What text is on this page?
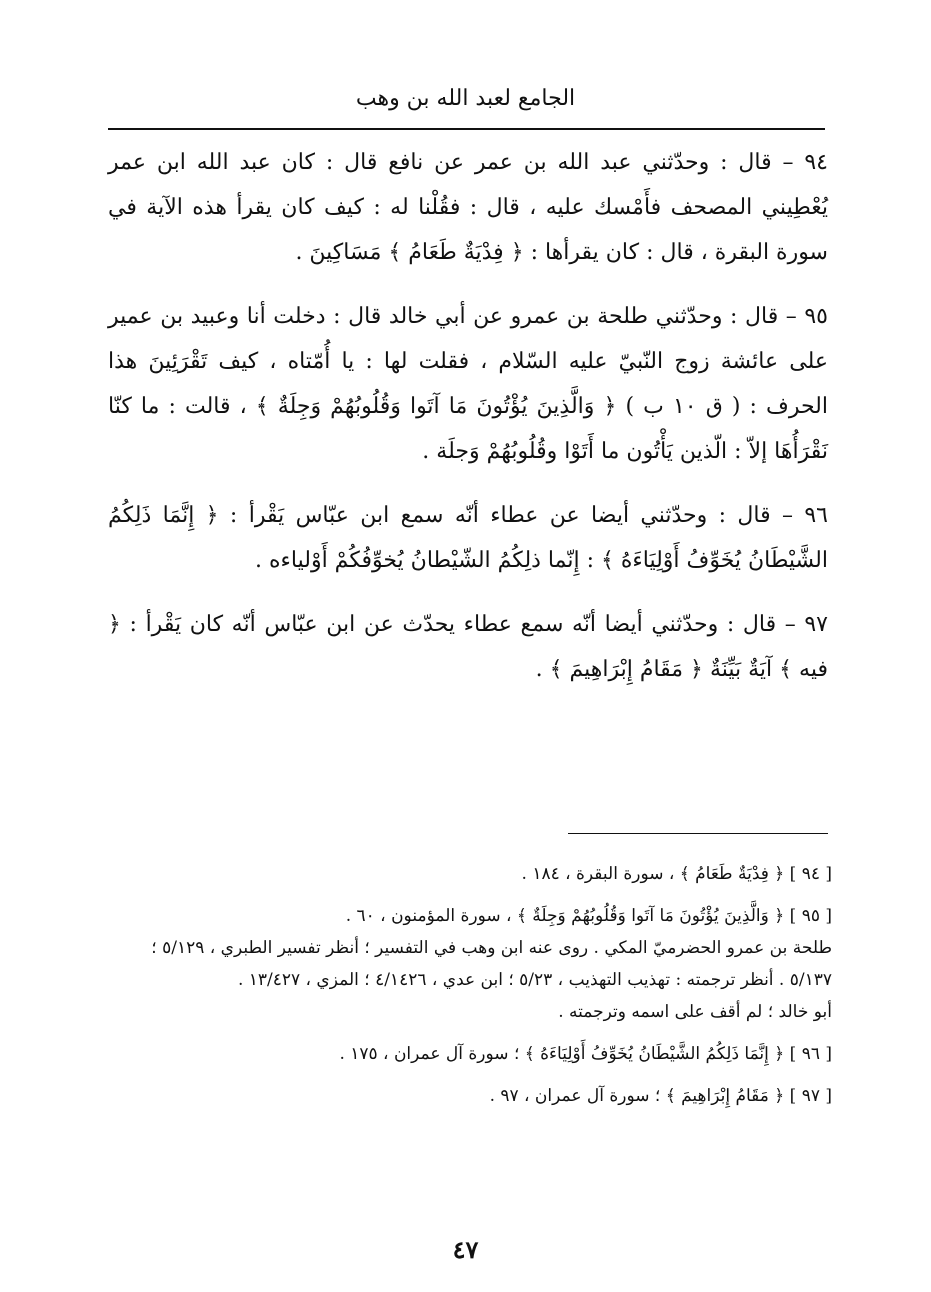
الجامع لعبد الله بن وهب

٩٤ – قال : وحدّثني عبد الله بن عمر عن نافع قال : كان عبد الله ابن عمر يُعْطِيني المصحف فأَمْسك عليه ، قال : فقُلْنا له : كيف كان يقرأ هذه الآية في سورة البقرة ، قال : كان يقرأها : ﴿ فِدْيَةٌ طَعَامُ ﴾ مَسَاكِينَ .

٩٥ – قال : وحدّثني طلحة بن عمرو عن أبي خالد قال : دخلت أنا وعبيد بن عمير على عائشة زوج النّبيّ عليه السّلام ، فقلت لها : يا أُمّتاه ، كيف تَقْرَئِينَ هذا الحرف : ( ق ١٠ ب ) ﴿ وَالَّذِينَ يُؤْتُونَ مَا آتَوا وَقُلُوبُهُمْ وَجِلَةٌ ﴾ ، قالت : ما كنّا نَقْرَأُهَا إلاّ : الّذين يَأْتُون ما أَتَوْا وقُلُوبُهُمْ وَجلَة .

٩٦ – قال : وحدّثني أيضا عن عطاء أنّه سمع ابن عبّاس يَقْرأ : ﴿ إِنَّمَا ذَلِكُمُ الشَّيْطَانُ يُخَوِّفُ أَوْلِيَاءَهُ ﴾ : إِنّما ذلِكُمُ الشّيْطانُ يُخوِّفُكُمْ أَوْلياءه .

٩٧ – قال : وحدّثني أيضا أنّه سمع عطاء يحدّث عن ابن عبّاس أنّه كان يَقْرأ : ﴿ فيه ﴾ آيَةٌ بَيِّنَةٌ ﴿ مَقَامُ إِبْرَاهِيمَ ﴾ .

[ ٩٤ ] ﴿ فِدْيَةٌ طَعَامُ ﴾ ، سورة البقرة ، ١٨٤ .
[ ٩٥ ] ﴿ وَالَّذِينَ يُؤْتُونَ مَا آتَوا وَقُلُوبُهُمْ وَجِلَةٌ ﴾ ، سورة المؤمنون ، ٦٠ .
طلحة بن عمرو الحضرميّ المكي . روى عنه ابن وهب في التفسير ؛ أنظر تفسير الطبري ، ٥/١٢٩ ؛ ٥/١٣٧ . أنظر ترجمته : تهذيب التهذيب ، ٥/٢٣ ؛ ابن عدي ، ٤/١٤٢٦ ؛ المزي ، ١٣/٤٢٧ .
أبو خالد ؛ لم أقف على اسمه وترجمته .
[ ٩٦ ] ﴿ إِنَّمَا ذَلِكُمُ الشَّيْطَانُ يُخَوِّفُ أَوْلِيَاءَهُ ﴾ ؛ سورة آل عمران ، ١٧٥ .
[ ٩٧ ] ﴿ مَقَامُ إِبْرَاهِيمَ ﴾ ؛ سورة آل عمران ، ٩٧ .
٤٧
